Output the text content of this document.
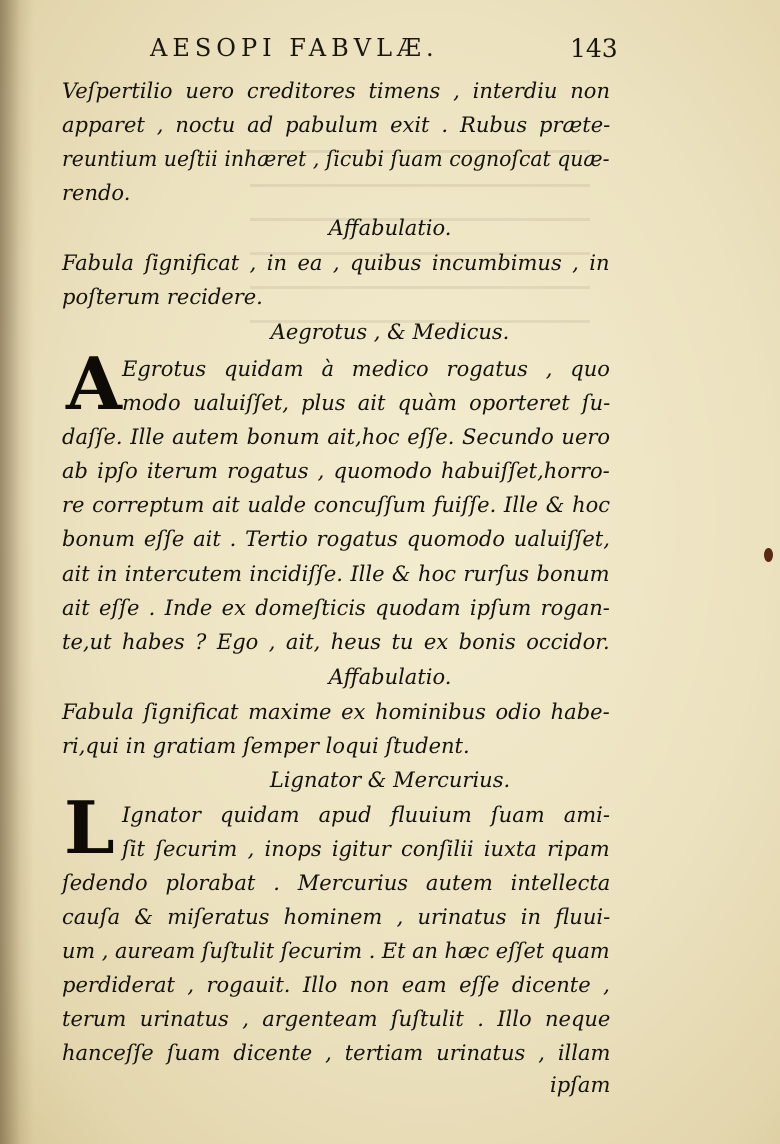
AESOPI FABVLÆ.	143
Veſpertilio uero creditores timens , interdiu non
apparet , noctu ad pabulum exit . Rubus præte-
reuntium ueſtii inhæret , ſicubi ſuam cognoſcat quæ-
rendo.
Affabulatio.
Fabula ſignificat , in ea , quibus incumbimus , in
poſterum recidere.
Aegrotus , & Medicus.
A Egrotus quidam à medico rogatus , quo
modo ualuiſſet, plus ait quàm oporteret ſu-
daſſe. Ille autem bonum ait,hoc eſſe. Secundo uero
ab ipſo iterum rogatus , quomodo habuiſſet,horro-
re correptum ait ualde concuſſum fuiſſe. Ille & hoc
bonum eſſe ait . Tertio rogatus quomodo ualuiſſet,
ait in intercutem incidiſſe. Ille & hoc rurſus bonum
ait eſſe . Inde ex domeſticis quodam ipſum rogan-
te,ut habes ? Ego , ait, heus tu ex bonis occidor.
Affabulatio.
Fabula ſignificat maxime ex hominibus odio habe-
ri,qui in gratiam ſemper loqui ſtudent.
Lignator & Mercurius.
L Ignator quidam apud fluuium ſuam ami-
ſit ſecurim , inops igitur conſilii iuxta ripam
ſedendo plorabat . Mercurius autem intellecta
cauſa & miſeratus hominem , urinatus in fluui-
um , auream ſuſtulit ſecurim . Et an hæc eſſet quam
perdiderat , rogauit. Illo non eam eſſe dicente ,
terum urinatus , argenteam ſuſtulit . Illo neque
hanceſſe ſuam dicente , tertiam urinatus , illam
ipſam
